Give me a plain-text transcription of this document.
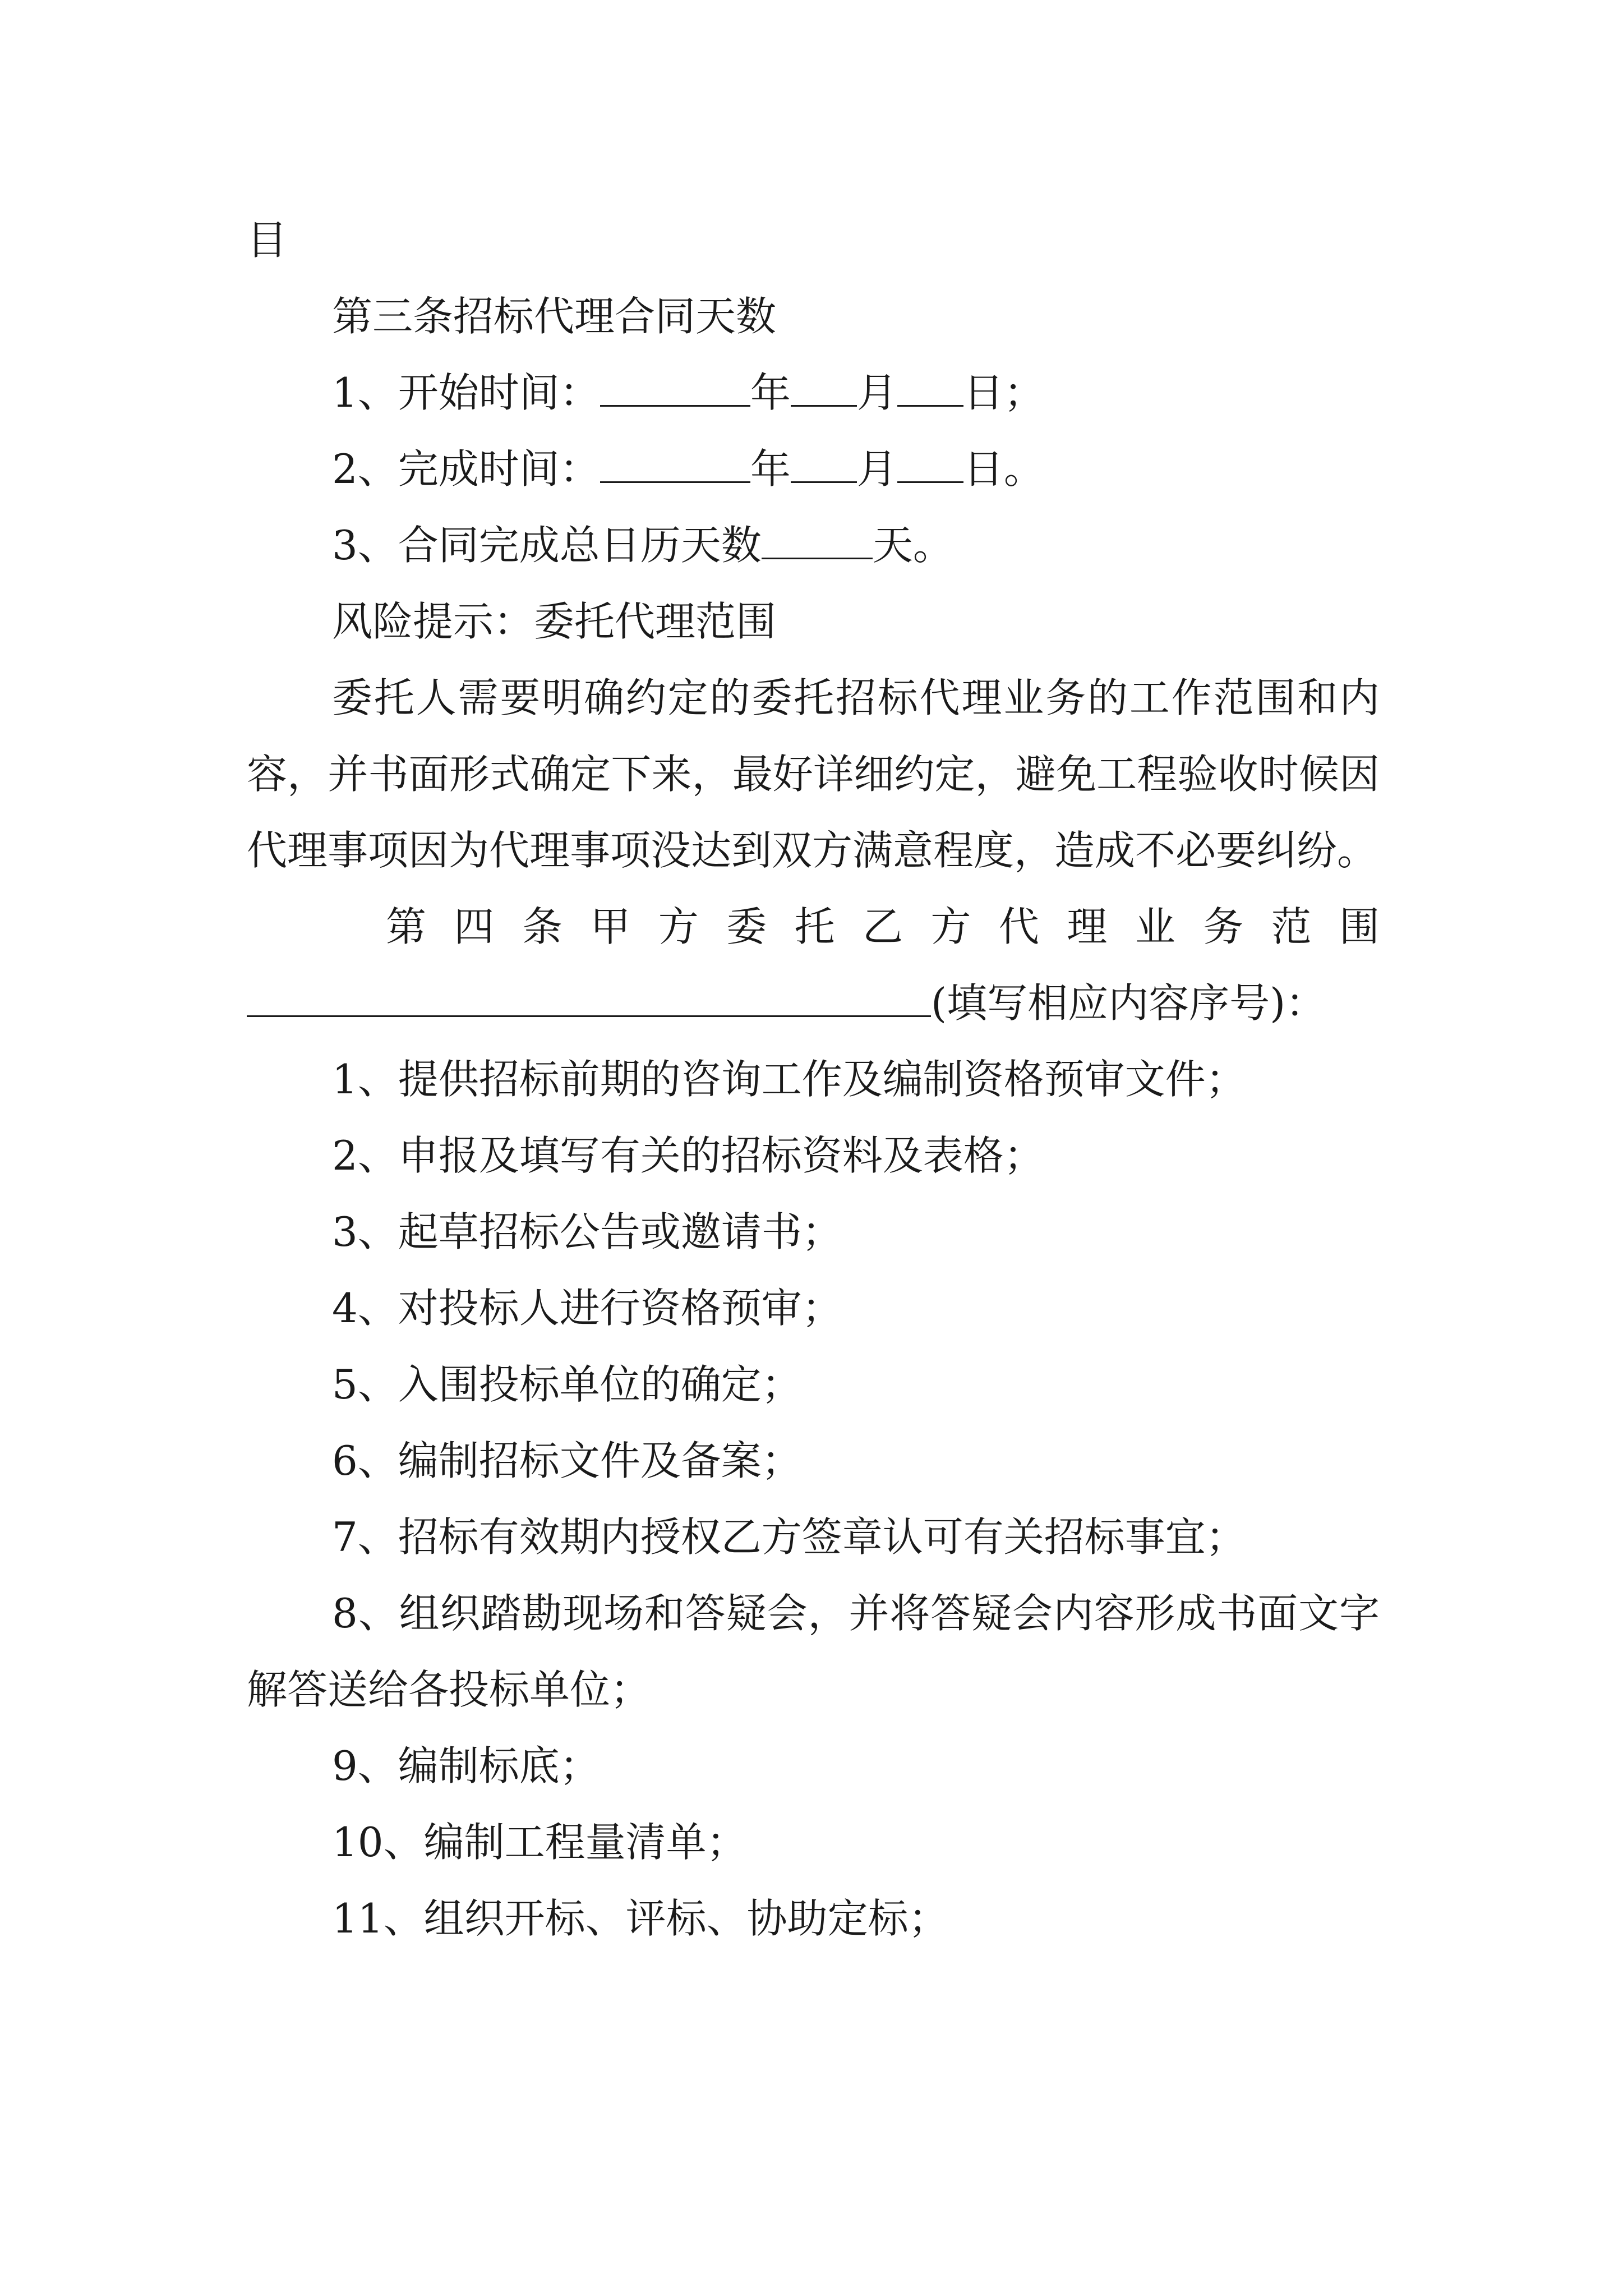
目
第三条招标代理合同天数
1、开始时间：	年 月 日；
2、完成时间：	年 月 日。
3、合同完成总日历天数	天。
风险提示：委托代理范围
委托人需要明确约定的委托招标代理业务的工作范围和内容，并书面形式确定下来，最好详细约定，避免工程验收时候因代理事项因为代理事项没达到双方满意程度，造成不必要纠纷。
第四条甲方委托乙方代理业务范围
(填写相应内容序号)：
1、提供招标前期的咨询工作及编制资格预审文件；
2、申报及填写有关的招标资料及表格；
3、起草招标公告或邀请书；
4、对投标人进行资格预审；
5、入围投标单位的确定；
6、编制招标文件及备案；
7、招标有效期内授权乙方签章认可有关招标事宜；
8、组织踏勘现场和答疑会，并将答疑会内容形成书面文字解答送给各投标单位；
9、编制标底；
10、编制工程量清单；
11、组织开标、评标、协助定标；
